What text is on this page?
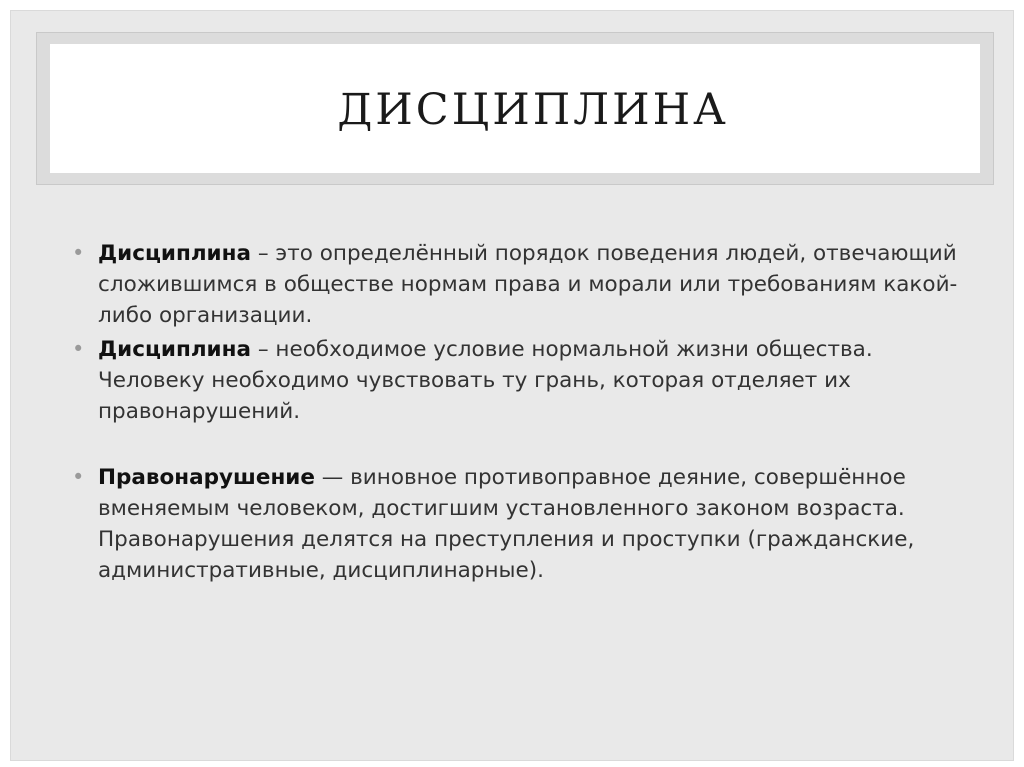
ДИСЦИПЛИНА
• Дисциплина – это определённый порядок поведения людей, отвечающий сложившимся в обществе нормам права и морали или требованиям какой-либо организации.
• Дисциплина – необходимое условие нормальной жизни общества. Человеку необходимо чувствовать ту грань, которая отделяет их правонарушений.
• Правонарушение — виновное противоправное деяние, совершённое вменяемым человеком, достигшим установленного законом возраста. Правонарушения делятся на преступления и проступки (гражданские, административные, дисциплинарные).
